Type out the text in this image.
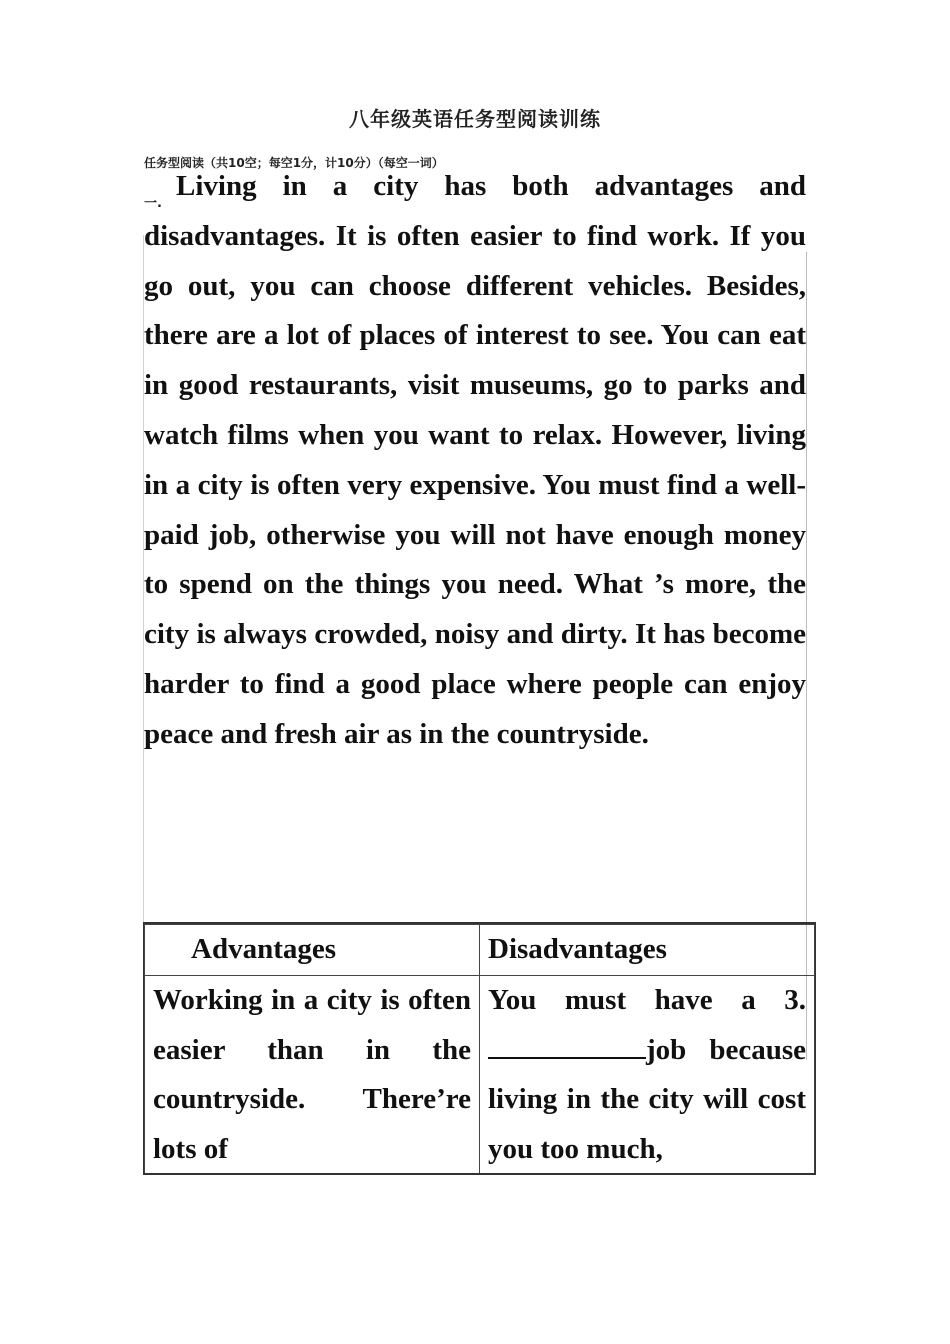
八年级英语任务型阅读训练
任务型阅读（共10空；每空1分，计10分）（每空一词）
一.

Living in a city has both advantages and disadvantages. It is often easier to find work. If you go out, you can choose different vehicles. Besides, there are a lot of places of interest to see. You can eat in good restaurants, visit museums, go to parks and watch films when you want to relax. However, living in a city is often very expensive. You must find a well-paid job, otherwise you will not have enough money to spend on the things you need. What ’s more, the city is always crowded, noisy and dirty. It has become harder to find a good place where people can enjoy peace and fresh air as in the countryside.

Advantages	Disadvantages
Working in a city is often easier than in the countryside. There’re lots of	You must have a 3.job because living in the city will cost you too much,
